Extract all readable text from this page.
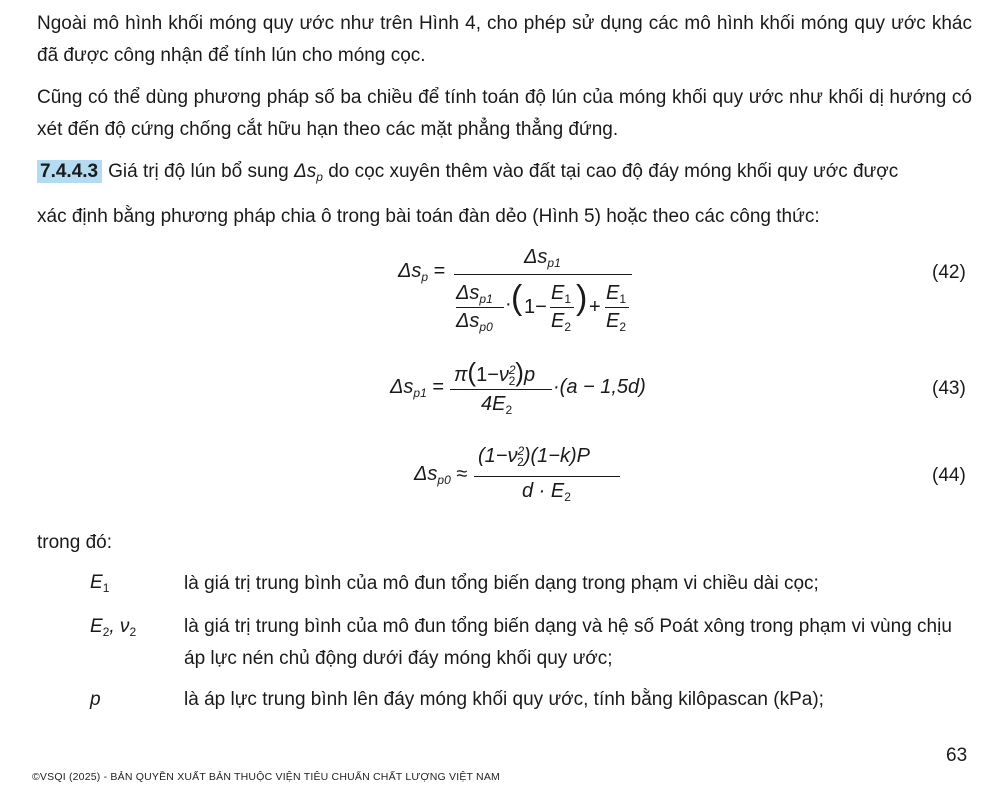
Ngoài mô hình khối móng quy ước như trên Hình 4, cho phép sử dụng các mô hình khối móng quy ước khác đã được công nhận để tính lún cho móng cọc.
Cũng có thể dùng phương pháp số ba chiều để tính toán độ lún của móng khối quy ước như khối dị hướng có xét đến độ cứng chống cắt hữu hạn theo các mặt phẳng thẳng đứng.
7.4.4.3 Giá trị độ lún bổ sung $\Delta s_p$ do cọc xuyên thêm vào đất tại cao độ đáy móng khối quy ước được
xác định bằng phương pháp chia ô trong bài toán đàn dẻo (Hình 5) hoặc theo các công thức:
$\Delta s_p$ =
$\Delta s_{p1}$
$\Delta s_{p1}$
$\Delta s_{p0}$
· ( 1−
$E_1$
$E_2$
) +
$E_1$
$E_2$
(42)
$\Delta s_{p1}$ =
$\pi(1-\nu^2_2)p$
$4E_2$
·(a − 1,5d)	(43)
$\Delta s_{p0}$ ≈
$(1-\nu^2_2)(1-k)P$
$d \cdot E_2$
(44)
trong đó:
$E_1$	là giá trị trung bình của mô đun tổng biến dạng trong phạm vi chiều dài cọc;
$E_2$, $\nu_2$	là giá trị trung bình của mô đun tổng biến dạng và hệ số Poát xông trong phạm vi vùng chịu áp lực nén chủ động dưới đáy móng khối quy ước;
p	là áp lực trung bình lên đáy móng khối quy ước, tính bằng kilôpascan (kPa);
63
©VSQI (2025) - BẢN QUYỀN XUẤT BẢN THUỘC VIỆN TIÊU CHUẨN CHẤT LƯỢNG VIỆT NAM
